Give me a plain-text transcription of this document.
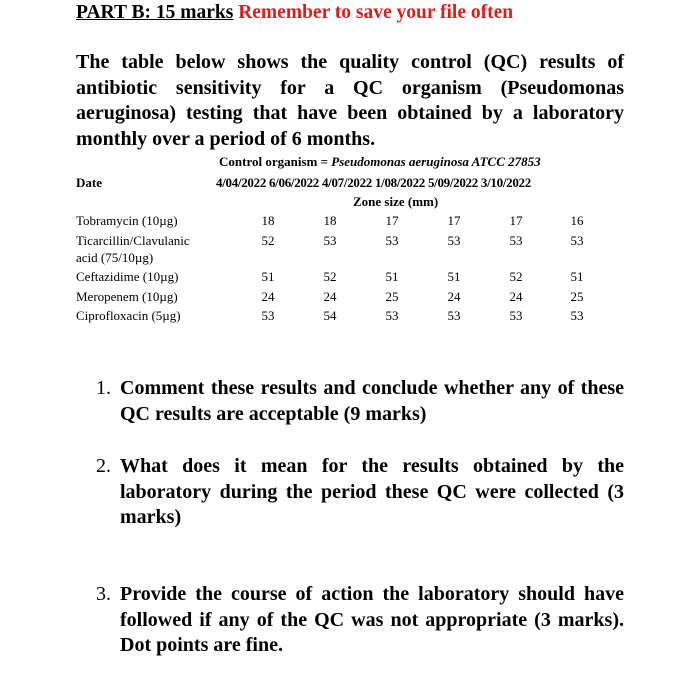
PART B: 15 marks Remember to save your file often
The table below shows the quality control (QC) results of antibiotic sensitivity for a QC organism (Pseudomonas aeruginosa) testing that have been obtained by a laboratory monthly over a period of 6 months.
Control organism = Pseudomonas aeruginosa ATCC 27853
Date	4/04/2022 6/06/2022 4/07/2022 1/08/2022 5/09/2022 3/10/2022
Zone size (mm)
Tobramycin (10µg)	18	18	17	17	17	16
Ticarcillin/Clavulanic
acid (75/10µg)
52	53	53	53	53	53
Ceftazidime (10µg)	51	52	51	51	52	51
Meropenem (10µg)	24	24	25	24	24	25
Ciprofloxacin (5µg)	53	54	53	53	53	53
1. Comment these results and conclude whether any of these QC results are acceptable (9 marks)
2. What does it mean for the results obtained by the laboratory during the period these QC were collected (3 marks)
3. Provide the course of action the laboratory should have followed if any of the QC was not appropriate (3 marks). Dot points are fine.
